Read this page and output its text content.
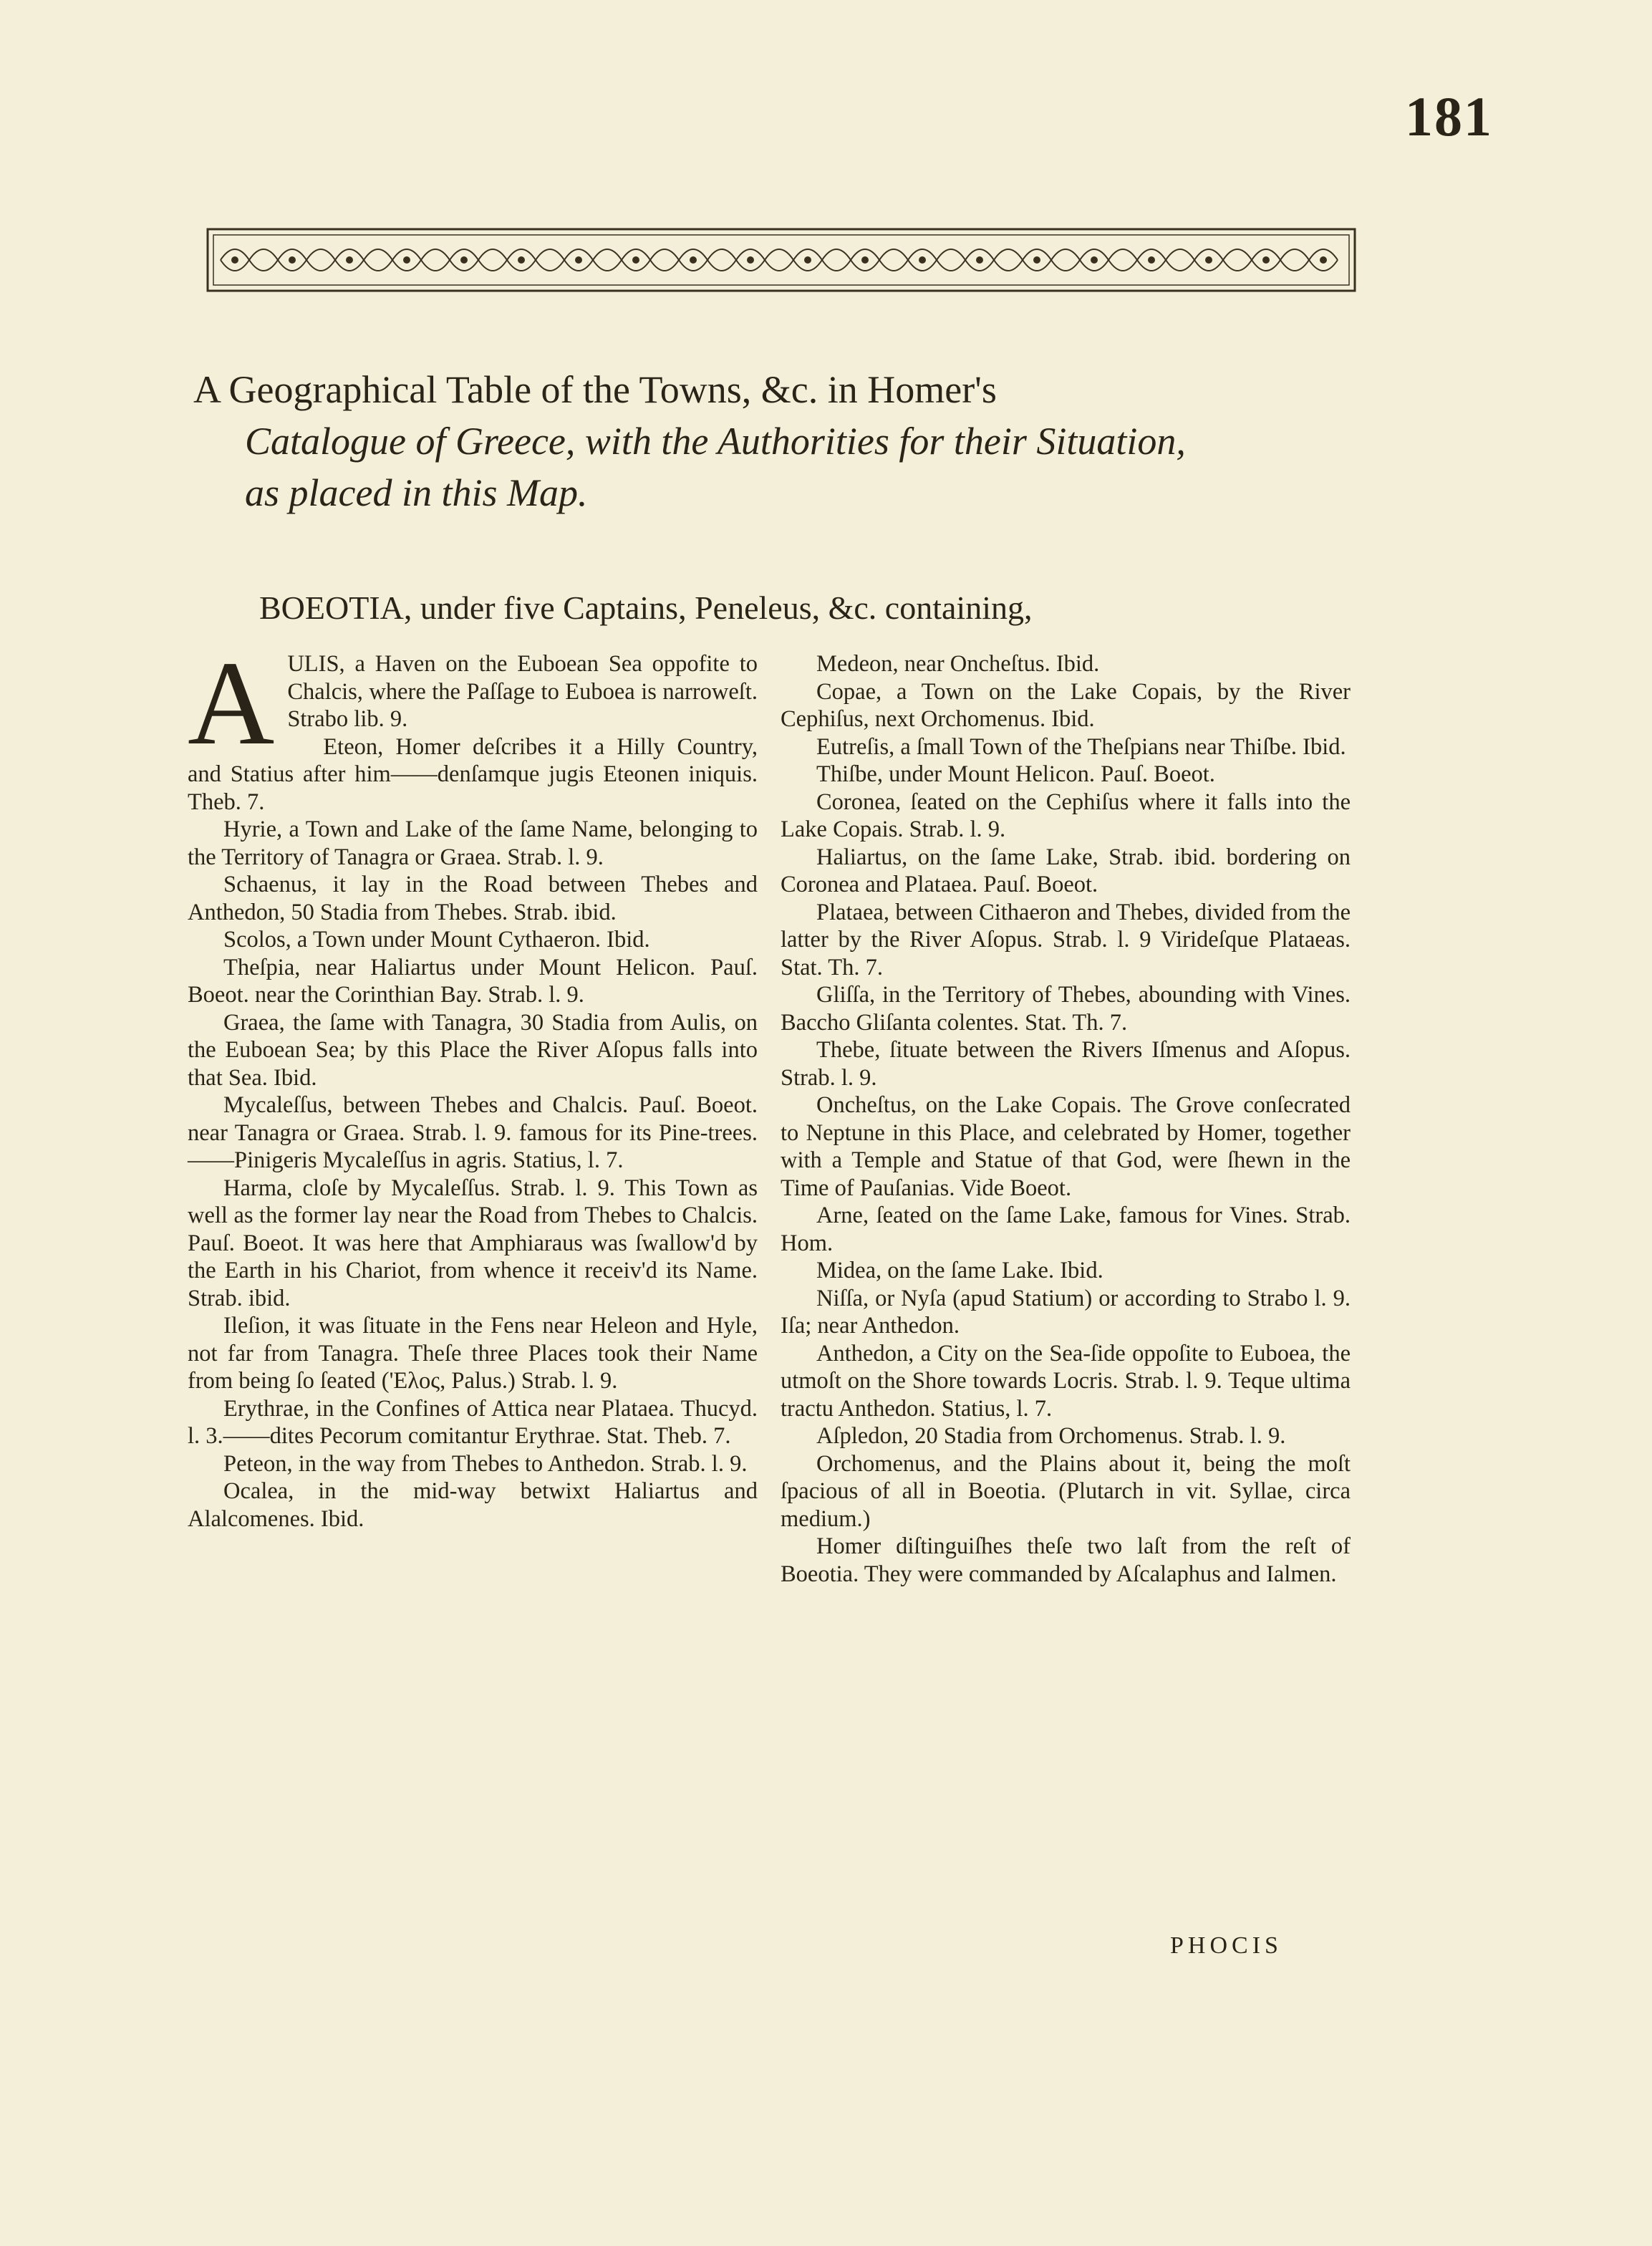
181
A Geographical Table of the Towns, &c. in Homer's
Catalogue of Greece, with the Authorities for their Situation,
as placed in this Map.
BOEOTIA, under five Captains, Peneleus, &c. containing,

A ULIS, a Haven on the Euboean Sea oppofite to Chalcis, where the Paſſage to Euboea is narroweſt. Strabo lib. 9.

Eteon, Homer deſcribes it a Hilly Country, and Statius after him——denſamque jugis Eteonen iniquis. Theb. 7.

Hyrie, a Town and Lake of the ſame Name, belonging to the Territory of Tanagra or Graea. Strab. l. 9.

Schaenus, it lay in the Road between Thebes and Anthedon, 50 Stadia from Thebes. Strab. ibid.

Scolos, a Town under Mount Cythaeron. Ibid.

Theſpia, near Haliartus under Mount Helicon. Pauſ. Boeot. near the Corinthian Bay. Strab. l. 9.

Graea, the ſame with Tanagra, 30 Stadia from Aulis, on the Euboean Sea; by this Place the River Aſopus falls into that Sea. Ibid.

Mycaleſſus, between Thebes and Chalcis. Pauſ. Boeot. near Tanagra or Graea. Strab. l. 9. famous for its Pine-trees. ——Pinigeris Mycaleſſus in agris. Statius, l. 7.

Harma, cloſe by Mycaleſſus. Strab. l. 9. This Town as well as the former lay near the Road from Thebes to Chalcis. Pauſ. Boeot. It was here that Amphiaraus was ſwallow'd by the Earth in his Chariot, from whence it receiv'd its Name. Strab. ibid.

Ileſion, it was ſituate in the Fens near Heleon and Hyle, not far from Tanagra. Theſe three Places took their Name from being ſo ſeated ('Ελος, Palus.) Strab. l. 9.

Erythrae, in the Confines of Attica near Plataea. Thucyd. l. 3.——dites Pecorum comitantur Erythrae. Stat. Theb. 7.

Peteon, in the way from Thebes to Anthedon. Strab. l. 9.

Ocalea, in the mid-way betwixt Haliartus and Alalcomenes. Ibid.

Medeon, near Oncheſtus. Ibid.

Copae, a Town on the Lake Copais, by the River Cephiſus, next Orchomenus. Ibid.

Eutreſis, a ſmall Town of the Theſpians near Thiſbe. Ibid.

Thiſbe, under Mount Helicon. Pauſ. Boeot.

Coronea, ſeated on the Cephiſus where it falls into the Lake Copais. Strab. l. 9.

Haliartus, on the ſame Lake, Strab. ibid. bordering on Coronea and Plataea. Pauſ. Boeot.

Plataea, between Cithaeron and Thebes, divided from the latter by the River Aſopus. Strab. l. 9 Virideſque Plataeas. Stat. Th. 7.

Gliſſa, in the Territory of Thebes, abounding with Vines. Baccho Gliſanta colentes. Stat. Th. 7.

Thebe, ſituate between the Rivers Iſmenus and Aſopus. Strab. l. 9.

Oncheſtus, on the Lake Copais. The Grove conſecrated to Neptune in this Place, and celebrated by Homer, together with a Temple and Statue of that God, were ſhewn in the Time of Pauſanias. Vide Boeot.

Arne, ſeated on the ſame Lake, famous for Vines. Strab. Hom.

Midea, on the ſame Lake. Ibid.

Niſſa, or Nyſa (apud Statium) or according to Strabo l. 9. Iſa; near Anthedon.

Anthedon, a City on the Sea-ſide oppoſite to Euboea, the utmoſt on the Shore towards Locris. Strab. l. 9. Teque ultima tractu Anthedon. Statius, l. 7.

Aſpledon, 20 Stadia from Orchomenus. Strab. l. 9.

Orchomenus, and the Plains about it, being the moſt ſpacious of all in Boeotia. (Plutarch in vit. Syllae, circa medium.)

Homer diſtinguiſhes theſe two laſt from the reſt of Boeotia. They were commanded by Aſcalaphus and Ialmen.

PHOCIS
